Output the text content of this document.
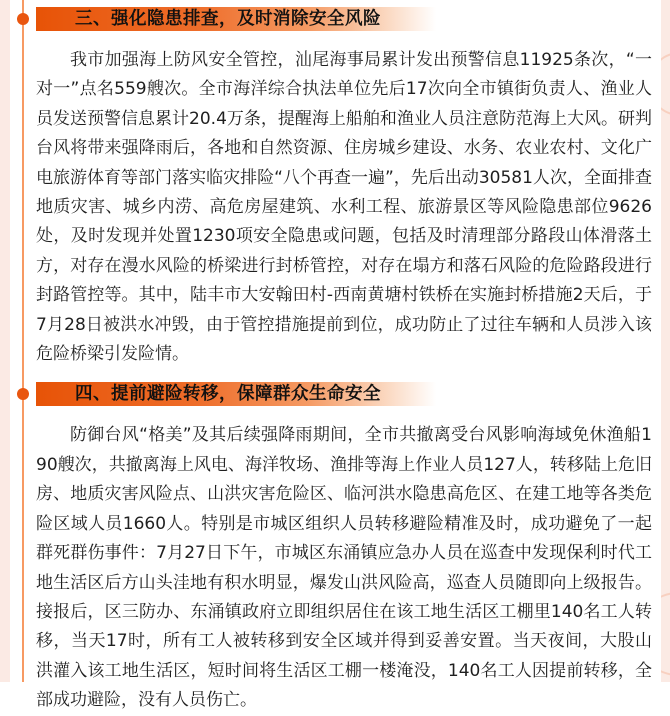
三、强化隐患排查，及时消除安全风险

我市加强海上防风安全管控，汕尾海事局累计发出预警信息11925条次，“一对一”点名559艘次。全市海洋综合执法单位先后17次向全市镇街负责人、渔业人员发送预警信息累计20.4万条，提醒海上船舶和渔业人员注意防范海上大风。研判台风将带来强降雨后，各地和自然资源、住房城乡建设、水务、农业农村、文化广电旅游体育等部门落实临灾排险“八个再查一遍”，先后出动30581人次，全面排查地质灾害、城乡内涝、高危房屋建筑、水利工程、旅游景区等风险隐患部位9626处，及时发现并处置1230项安全隐患或问题，包括及时清理部分路段山体滑落土方，对存在漫水风险的桥梁进行封桥管控，对存在塌方和落石风险的危险路段进行封路管控等。其中，陆丰市大安翰田村-西南黄塘村铁桥在实施封桥措施2天后，于7月28日被洪水冲毁，由于管控措施提前到位，成功防止了过往车辆和人员涉入该危险桥梁引发险情。

四、提前避险转移，保障群众生命安全

防御台风“格美”及其后续强降雨期间，全市共撤离受台风影响海域免休渔船190艘次，共撤离海上风电、海洋牧场、渔排等海上作业人员127人，转移陆上危旧房、地质灾害风险点、山洪灾害危险区、临河洪水隐患高危区、在建工地等各类危险区域人员1660人。特别是市城区组织人员转移避险精准及时，成功避免了一起群死群伤事件：7月27日下午，市城区东涌镇应急办人员在巡查中发现保利时代工地生活区后方山头洼地有积水明显，爆发山洪风险高，巡查人员随即向上级报告。接报后，区三防办、东涌镇政府立即组织居住在该工地生活区工棚里140名工人转移，当天17时，所有工人被转移到安全区域并得到妥善安置。当天夜间，大股山洪灌入该工地生活区，短时间将生活区工棚一楼淹没，140名工人因提前转移，全部成功避险，没有人员伤亡。
